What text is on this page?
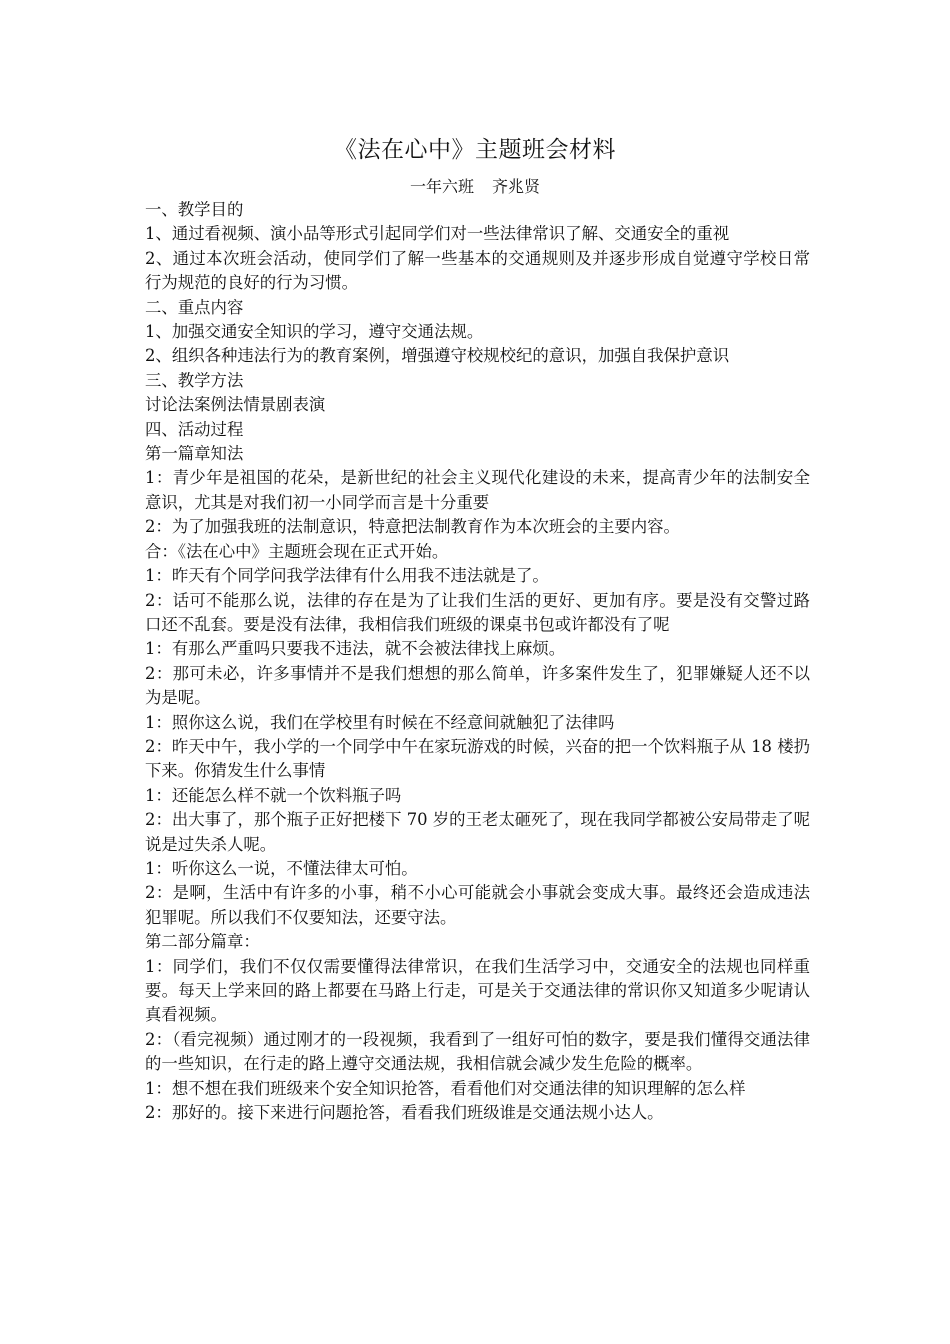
《法在心中》主题班会材料

一年六班 齐兆贤

一、教学目的

1、通过看视频、演小品等形式引起同学们对一些法律常识了解、交通安全的重视

2、通过本次班会活动，使同学们了解一些基本的交通规则及并逐步形成自觉遵守学校日常行为规范的良好的行为习惯。

二、重点内容

1、加强交通安全知识的学习，遵守交通法规。

2、组织各种违法行为的教育案例，增强遵守校规校纪的意识，加强自我保护意识

三、教学方法

讨论法案例法情景剧表演

四、活动过程

第一篇章知法

1：青少年是祖国的花朵，是新世纪的社会主义现代化建设的未来，提高青少年的法制安全意识，尤其是对我们初一小同学而言是十分重要

2：为了加强我班的法制意识，特意把法制教育作为本次班会的主要内容。

合：《法在心中》主题班会现在正式开始。

1：昨天有个同学问我学法律有什么用我不违法就是了。

2：话可不能那么说，法律的存在是为了让我们生活的更好、更加有序。要是没有交警过路口还不乱套。要是没有法律，我相信我们班级的课桌书包或许都没有了呢

1：有那么严重吗只要我不违法，就不会被法律找上麻烦。

2：那可未必，许多事情并不是我们想想的那么简单，许多案件发生了，犯罪嫌疑人还不以为是呢。

1：照你这么说，我们在学校里有时候在不经意间就触犯了法律吗

2：昨天中午，我小学的一个同学中午在家玩游戏的时候，兴奋的把一个饮料瓶子从 18 楼扔下来。你猜发生什么事情

1：还能怎么样不就一个饮料瓶子吗

2：出大事了，那个瓶子正好把楼下 70 岁的王老太砸死了，现在我同学都被公安局带走了呢说是过失杀人呢。

1：听你这么一说，不懂法律太可怕。

2：是啊，生活中有许多的小事，稍不小心可能就会小事就会变成大事。最终还会造成违法犯罪呢。所以我们不仅要知法，还要守法。

第二部分篇章：

1：同学们，我们不仅仅需要懂得法律常识，在我们生活学习中，交通安全的法规也同样重要。每天上学来回的路上都要在马路上行走，可是关于交通法律的常识你又知道多少呢请认真看视频。

2：（看完视频）通过刚才的一段视频，我看到了一组好可怕的数字，要是我们懂得交通法律的一些知识，在行走的路上遵守交通法规，我相信就会减少发生危险的概率。

1：想不想在我们班级来个安全知识抢答，看看他们对交通法律的知识理解的怎么样

2：那好的。接下来进行问题抢答，看看我们班级谁是交通法规小达人。
